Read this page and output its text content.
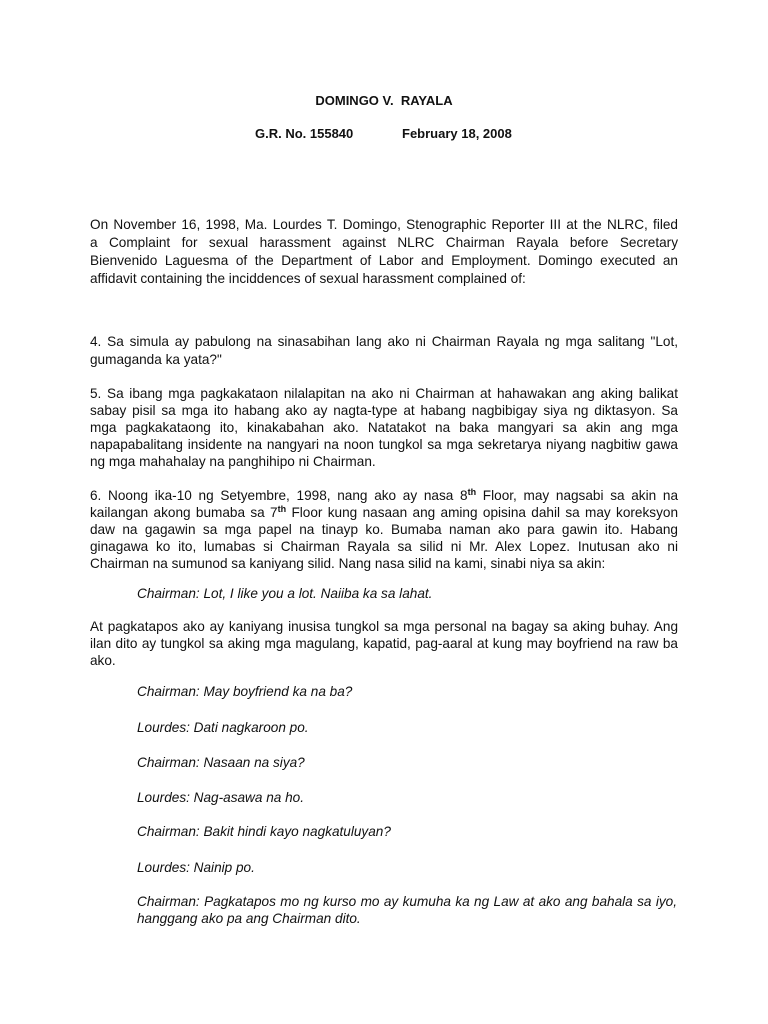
DOMINGO V.  RAYALA
G.R. No. 155840	February 18, 2008
On November 16, 1998, Ma. Lourdes T. Domingo, Stenographic Reporter III at the NLRC, filed
a Complaint for sexual harassment against NLRC Chairman Rayala before Secretary
Bienvenido Laguesma of the Department of Labor and Employment. Domingo executed an
affidavit containing the inciddences of sexual harassment complained of:
4. Sa simula ay pabulong na sinasabihan lang ako ni Chairman Rayala ng mga salitang "Lot,
gumaganda ka yata?"
5. Sa ibang mga pagkakataon nilalapitan na ako ni Chairman at hahawakan ang aking balikat
sabay pisil sa mga ito habang ako ay nagta-type at habang nagbibigay siya ng diktasyon. Sa
mga pagkakataong ito, kinakabahan ako. Natatakot na baka mangyari sa akin ang mga
napapabalitang insidente na nangyari na noon tungkol sa mga sekretarya niyang nagbitiw gawa
ng mga mahahalay na panghihipo ni Chairman.
6. Noong ika-10 ng Setyembre, 1998, nang ako ay nasa 8th Floor, may nagsabi sa akin na
kailangan akong bumaba sa 7th Floor kung nasaan ang aming opisina dahil sa may koreksyon
daw na gagawin sa mga papel na tinayp ko. Bumaba naman ako para gawin ito. Habang
ginagawa ko ito, lumabas si Chairman Rayala sa silid ni Mr. Alex Lopez. Inutusan ako ni
Chairman na sumunod sa kaniyang silid. Nang nasa silid na kami, sinabi niya sa akin:
Chairman: Lot, I like you a lot. Naiiba ka sa lahat.
At pagkatapos ako ay kaniyang inusisa tungkol sa mga personal na bagay sa aking buhay. Ang
ilan dito ay tungkol sa aking mga magulang, kapatid, pag-aaral at kung may boyfriend na raw ba
ako.
Chairman: May boyfriend ka na ba?
Lourdes: Dati nagkaroon po.
Chairman: Nasaan na siya?
Lourdes: Nag-asawa na ho.
Chairman: Bakit hindi kayo nagkatuluyan?
Lourdes: Nainip po.
Chairman: Pagkatapos mo ng kurso mo ay kumuha ka ng Law at ako ang bahala sa iyo,
hanggang ako pa ang Chairman dito.
